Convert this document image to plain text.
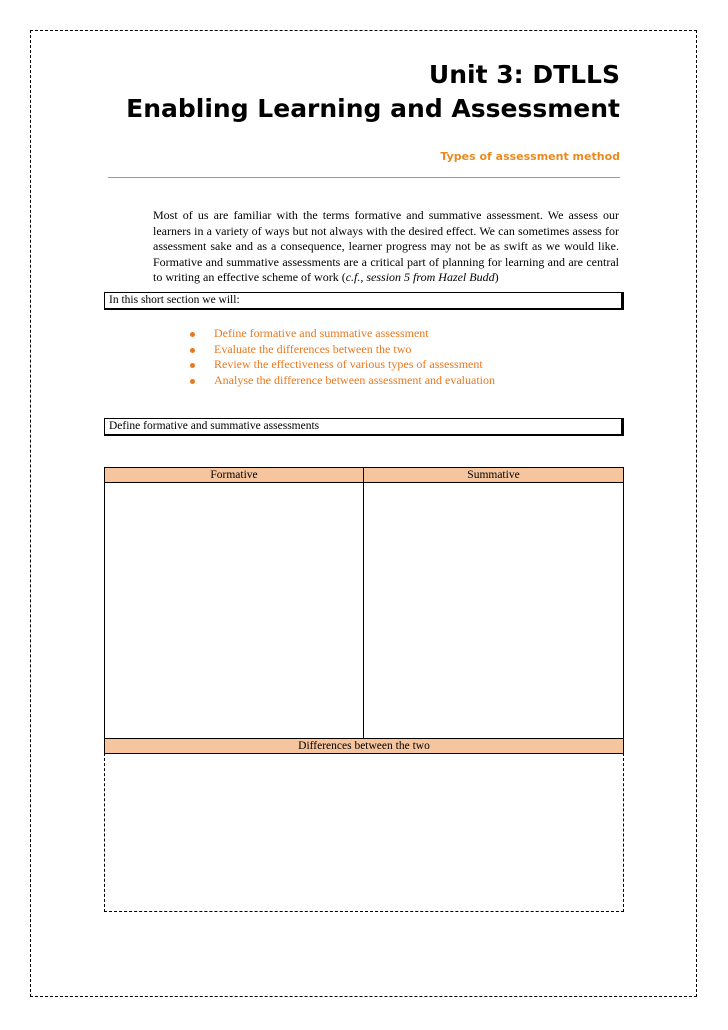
Unit 3: DTLLS
Enabling Learning and Assessment
Types of assessment method

Most of us are familiar with the terms formative and summative assessment. We assess our learners in a variety of ways but not always with the desired effect. We can sometimes assess for assessment sake and as a consequence, learner progress may not be as swift as we would like. Formative and summative assessments are a critical part of planning for learning and are central to writing an effective scheme of work (c.f., session 5 from Hazel Budd)

In this short section we will:
Define formative and summative assessment
Evaluate the differences between the two
Review the effectiveness of various types of assessment
Analyse the difference between assessment and evaluation
Define formative and summative assessments
Formative	Summative
Differences between the two
